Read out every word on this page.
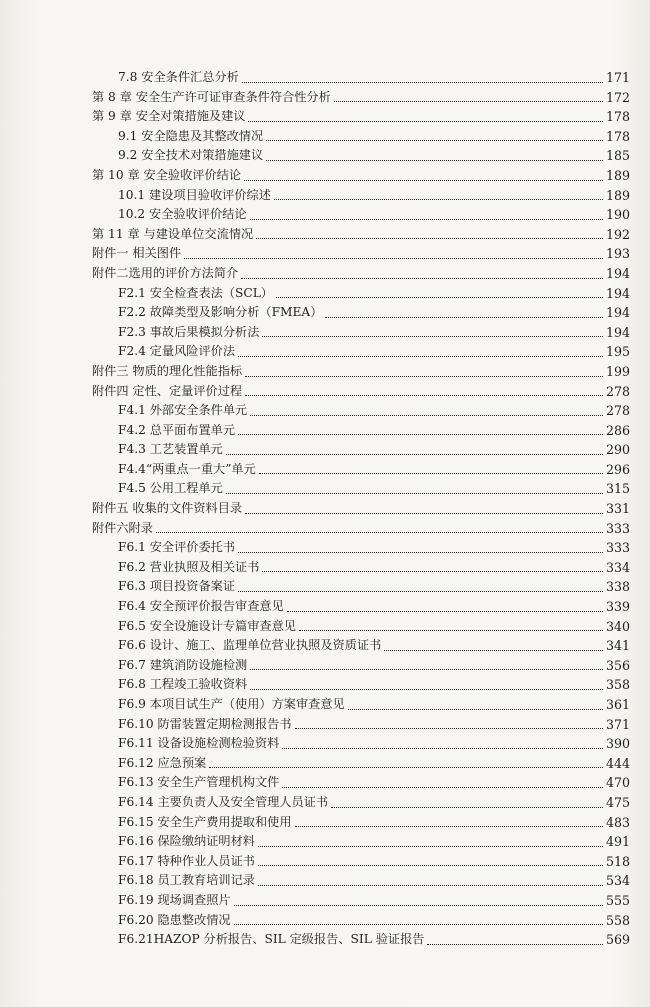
7.8 安全条件汇总分析	171
第 8 章 安全生产许可证审查条件符合性分析	172
第 9 章 安全对策措施及建议	178
9.1 安全隐患及其整改情况	178
9.2 安全技术对策措施建议	185
第 10 章 安全验收评价结论	189
10.1 建设项目验收评价综述	189
10.2 安全验收评价结论	190
第 11 章 与建设单位交流情况	192
附件一 相关图件	193
附件二选用的评价方法简介	194
F2.1 安全检查表法（SCL）	194
F2.2 故障类型及影响分析（FMEA）	194
F2.3 事故后果模拟分析法	194
F2.4 定量风险评价法	195
附件三 物质的理化性能指标	199
附件四 定性、定量评价过程	278
F4.1 外部安全条件单元	278
F4.2 总平面布置单元	286
F4.3 工艺装置单元	290
F4.4“两重点一重大”单元	296
F4.5 公用工程单元	315
附件五 收集的文件资料目录	331
附件六附录	333
F6.1 安全评价委托书	333
F6.2 营业执照及相关证书	334
F6.3 项目投资备案证	338
F6.4 安全预评价报告审查意见	339
F6.5 安全设施设计专篇审查意见	340
F6.6 设计、施工、监理单位营业执照及资质证书	341
F6.7 建筑消防设施检测	356
F6.8 工程竣工验收资料	358
F6.9 本项目试生产（使用）方案审查意见	361
F6.10 防雷装置定期检测报告书	371
F6.11 设备设施检测检验资料	390
F6.12 应急预案	444
F6.13 安全生产管理机构文件	470
F6.14 主要负责人及安全管理人员证书	475
F6.15 安全生产费用提取和使用	483
F6.16 保险缴纳证明材料	491
F6.17 特种作业人员证书	518
F6.18 员工教育培训记录	534
F6.19 现场调查照片	555
F6.20 隐患整改情况	558
F6.21HAZOP 分析报告、SIL 定级报告、SIL 验证报告	569
